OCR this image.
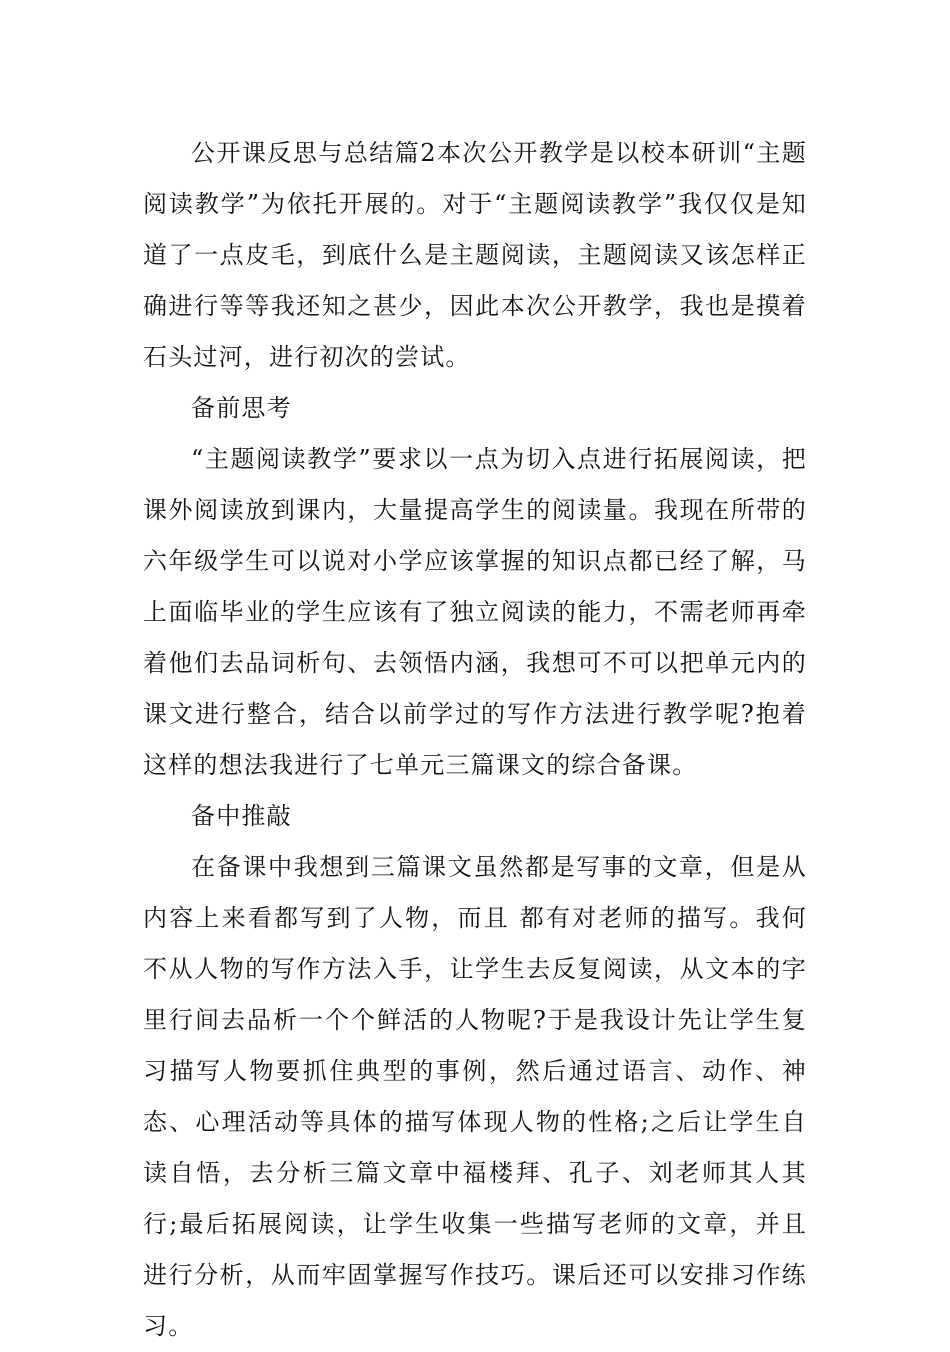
公开课反思与总结篇2本次公开教学是以校本研训“主题阅读教学”为依托开展的。对于“主题阅读教学”我仅仅是知道了一点皮毛，到底什么是主题阅读，主题阅读又该怎样正确进行等等我还知之甚少，因此本次公开教学，我也是摸着石头过河，进行初次的尝试。

备前思考

“主题阅读教学”要求以一点为切入点进行拓展阅读，把课外阅读放到课内，大量提高学生的阅读量。我现在所带的六年级学生可以说对小学应该掌握的知识点都已经了解，马上面临毕业的学生应该有了独立阅读的能力，不需老师再牵着他们去品词析句、去领悟内涵，我想可不可以把单元内的课文进行整合，结合以前学过的写作方法进行教学呢?抱着这样的想法我进行了七单元三篇课文的综合备课。

备中推敲

在备课中我想到三篇课文虽然都是写事的文章，但是从内容上来看都写到了人物，而且 都有对老师的描写。我何不从人物的写作方法入手，让学生去反复阅读，从文本的字里行间去品析一个个鲜活的人物呢?于是我设计先让学生复习描写人物要抓住典型的事例，然后通过语言、动作、神态、心理活动等具体的描写体现人物的性格;之后让学生自读自悟，去分析三篇文章中福楼拜、孔子、刘老师其人其行;最后拓展阅读，让学生收集一些描写老师的文章，并且进行分析，从而牢固掌握写作技巧。课后还可以安排习作练习。
